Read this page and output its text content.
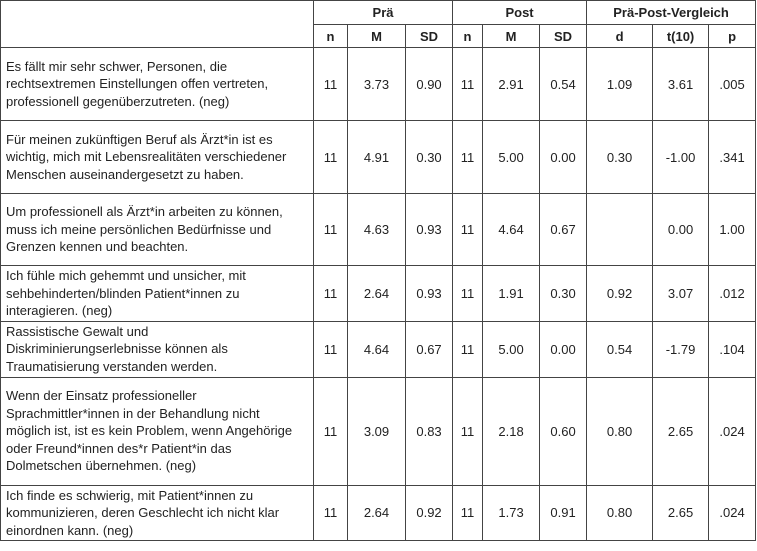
	Prä			Post			Prä-Post-Vergleich		
	n	M	SD	n	M	SD	d	t(10)	p
Es fällt mir sehr schwer, Personen, die rechtsextremen Einstellungen offen vertreten, professionell gegenüberzutreten. (neg)	11	3.73	0.90	11	2.91	0.54	1.09	3.61	.005
Für meinen zukünftigen Beruf als Ärzt*in ist es wichtig, mich mit Lebensrealitäten verschiedener Menschen auseinandergesetzt zu haben.	11	4.91	0.30	11	5.00	0.00	0.30	-1.00	.341
Um professionell als Ärzt*in arbeiten zu können, muss ich meine persönlichen Bedürfnisse und Grenzen kennen und beachten.	11	4.63	0.93	11	4.64	0.67		0.00	1.00
Ich fühle mich gehemmt und unsicher, mit sehbehinderten/blinden Patient*innen zu interagieren. (neg)	11	2.64	0.93	11	1.91	0.30	0.92	3.07	.012
Rassistische Gewalt und Diskriminierungserlebnisse können als Traumatisierung verstanden werden.	11	4.64	0.67	11	5.00	0.00	0.54	-1.79	.104
Wenn der Einsatz professioneller Sprachmittler*innen in der Behandlung nicht möglich ist, ist es kein Problem, wenn Angehörige oder Freund*innen des*r Patient*in das Dolmetschen übernehmen. (neg)	11	3.09	0.83	11	2.18	0.60	0.80	2.65	.024
Ich finde es schwierig, mit Patient*innen zu kommunizieren, deren Geschlecht ich nicht klar einordnen kann. (neg)	11	2.64	0.92	11	1.73	0.91	0.80	2.65	.024
